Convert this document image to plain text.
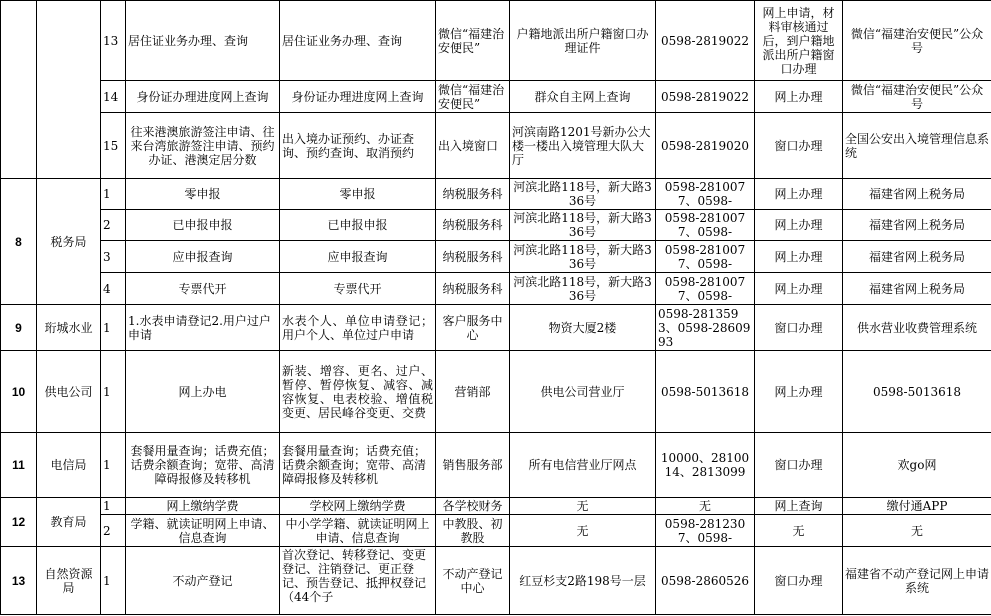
		13	居住证业务办理、查询	居住证业务办理、查询	微信“福建治安便民”	户籍地派出所户籍窗口办理证件	0598-2819022	网上申请，材料审核通过后，到户籍地派出所户籍窗口办理	微信“福建治安便民”公众号
		14	身份证办理进度网上查询	身份证办理进度网上查询	微信“福建治安便民”	群众自主网上查询	0598-2819022	网上办理	微信“福建治安便民”公众号
		15	往来港澳旅游签注申请、往来台湾旅游签注申请、预约办证、港澳定居分数	出入境办证预约、办证查询、预约查询、取消预约	出入境窗口	河滨南路1201号新办公大楼一楼出入境管理大队大厅	0598-2819020	窗口办理	全国公安出入境管理信息系统
8	税务局	1	零申报	零申报	纳税服务科	河滨北路118号，新大路336号	0598-2810077、0598-	网上办理	福建省网上税务局
		2	已申报申报	已申报申报	纳税服务科	河滨北路118号，新大路336号	0598-2810077、0598-	网上办理	福建省网上税务局
		3	应申报查询	应申报查询	纳税服务科	河滨北路118号，新大路336号	0598-2810077、0598-	网上办理	福建省网上税务局
		4	专票代开	专票代开	纳税服务科	河滨北路118号，新大路336号	0598-2810077、0598-	网上办理	福建省网上税务局
9	珩城水业	1	1.水表申请登记2.用户过户申请	水表个人、单位申请登记；用户个人、单位过户申请	客户服务中心	物资大厦2楼	0598-2813593、0598-2860993	窗口办理	供水营业收费管理系统
10	供电公司	1	网上办电	新装、增容、更名、过户、暂停、暂停恢复、减容、减容恢复、电表校验、增值税变更、居民峰谷变更、交费	营销部	供电公司营业厅	0598-5013618	网上办理	0598-5013618
11	电信局	1	套餐用量查询；话费充值；话费余额查询；宽带、高清障碍报修及转移机	套餐用量查询；话费充值；话费余额查询；宽带、高清障碍报修及转移机	销售服务部	所有电信营业厅网点	10000、2810014、2813099	窗口办理	欢go网
12	教育局	1	网上缴纳学费	学校网上缴纳学费	各学校财务	无	无	网上查询	缴付通APP
		2	学籍、就读证明网上申请、信息查询	中小学学籍、就读证明网上申请、信息查询	中教股、初教股	无	0598-2812307、0598-	无	无
13	自然资源局	1	不动产登记	首次登记、转移登记、变更登记、注销登记、更正登记、预告登记、抵押权登记（44个子	不动产登记中心	红豆杉支2路198号一层	0598-2860526	窗口办理	福建省不动产登记网上申请系统
